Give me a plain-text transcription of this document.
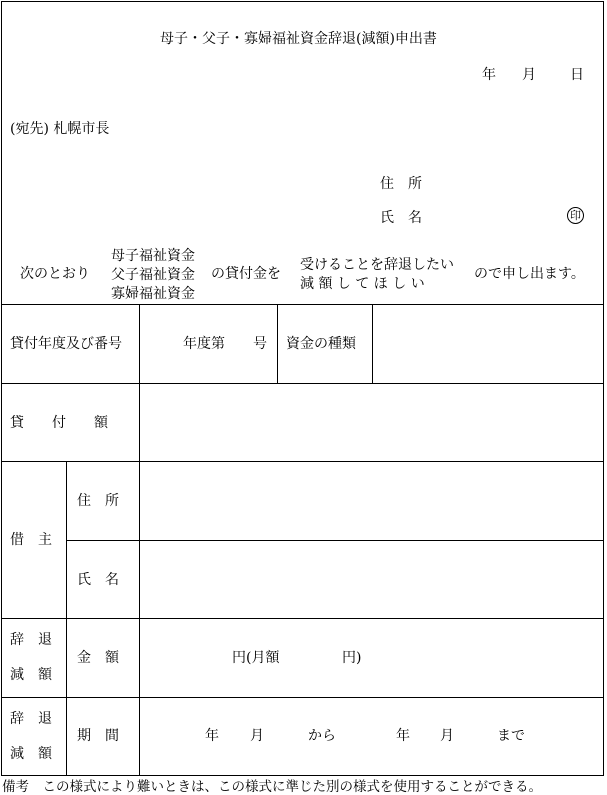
母子・父子・寡婦福祉資金辞退(減額)申出書
年 月 日
(宛先) 札幌市長
住　所
氏　名	印
次のとおり
母子福祉資金
父子福祉資金
寡婦福祉資金
の貸付金を
受けることを辞退したい
減 額 し て ほ し い
ので申し出ます。
貸付年度及び番号	年度第　　号 資金の種類
貸　　付　　額
借　主
住　所
氏　名
辞　退
減　額
金　額	円(月額	円)
辞　退
減　額
期　間	年 月	から	年 月	まで
備考　この様式により難いときは、この様式に準じた別の様式を使用することができる。
